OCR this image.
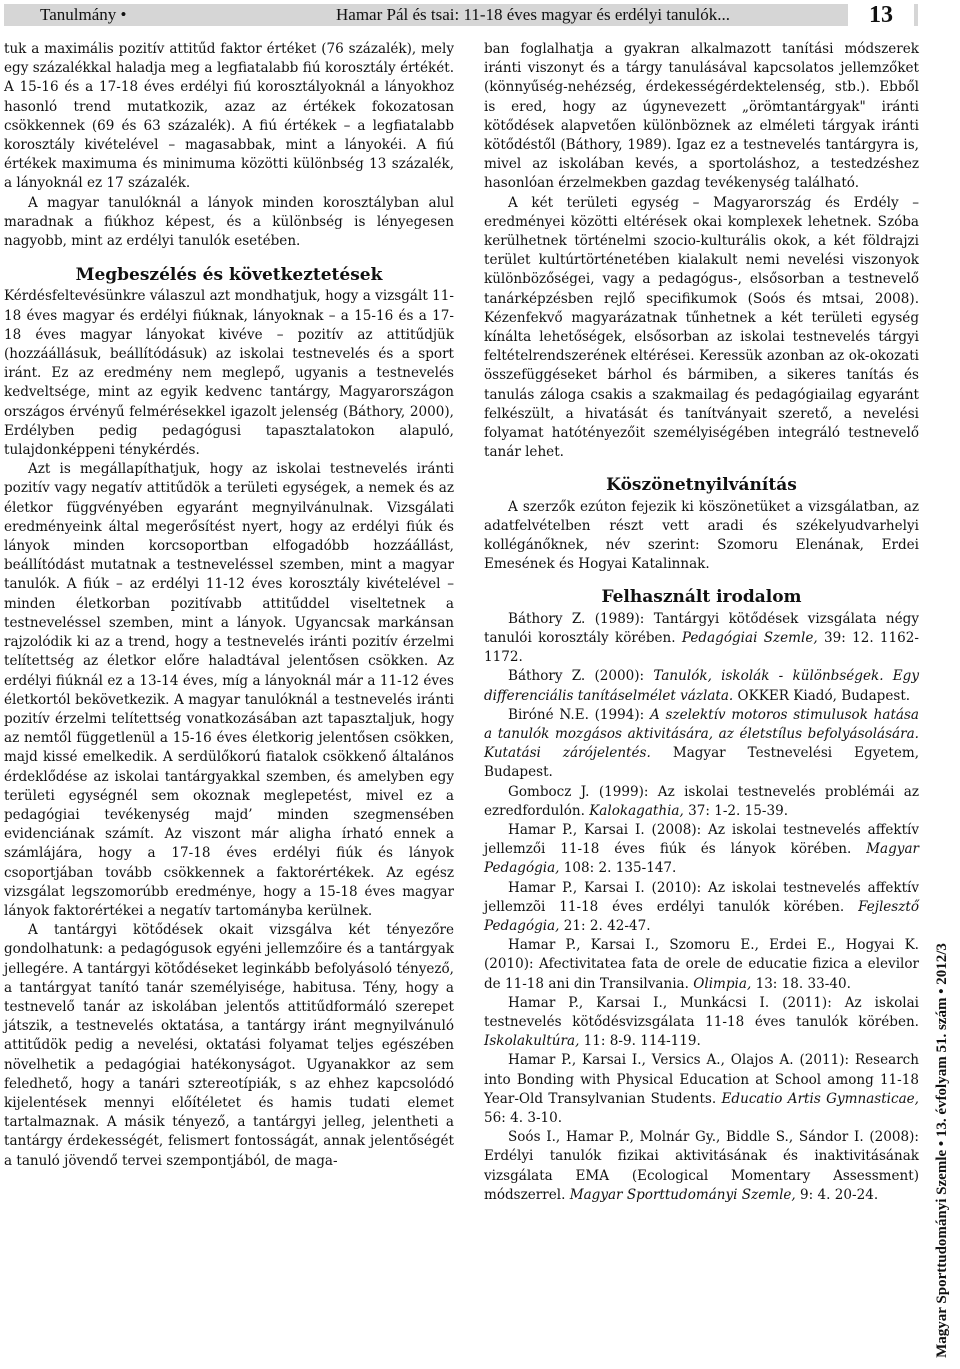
Tanulmány •	Hamar Pál és tsai: 11-18 éves magyar és erdélyi tanulók...	13

tuk a maximális pozitív attitűd faktor értéket (76 százalék), mely egy százalékkal haladja meg a legfiatalabb fiú korosztály értékét. A 15-16 és a 17-18 éves erdélyi fiú korosztályoknál a lányokhoz hasonló trend mutatkozik, azaz az értékek fokozatosan csökkennek (69 és 63 százalék). A fiú értékek – a legfiatalabb korosztály kivételével – magasabbak, mint a lányokéi. A fiú értékek maximuma és minimuma közötti különbség 13 százalék, a lányoknál ez 17 százalék.

A magyar tanulóknál a lányok minden korosztályban alul maradnak a fiúkhoz képest, és a különbség is lényegesen nagyobb, mint az erdélyi tanulók esetében.

Megbeszélés és következtetések

Kérdésfeltevésünkre válaszul azt mondhatjuk, hogy a vizsgált 11-18 éves magyar és erdélyi fiúknak, lányoknak – a 15-16 és a 17-18 éves magyar lányokat kivéve – pozitív az attitűdjük (hozzáállásuk, beállítódásuk) az iskolai testnevelés és a sport iránt. Ez az eredmény nem meglepő, ugyanis a testnevelés kedveltsége, mint az egyik kedvenc tantárgy, Magyarországon országos érvényű felmérésekkel igazolt jelenség (Báthory, 2000), Erdélyben pedig pedagógusi tapasztalatokon alapuló, tulajdonképpeni ténykérdés.

Azt is megállapíthatjuk, hogy az iskolai testnevelés iránti pozitív vagy negatív attitűdök a területi egységek, a nemek és az életkor függvényében egyaránt megnyilvánulnak. Vizsgálati eredményeink által megerősítést nyert, hogy az erdélyi fiúk és lányok minden korcsoportban elfogadóbb hozzáállást, beállítódást mutatnak a testneveléssel szemben, mint a magyar tanulók. A fiúk – az erdélyi 11-12 éves korosztály kivételével – minden életkorban pozitívabb attitűddel viseltetnek a testneveléssel szemben, mint a lányok. Ugyancsak markánsan rajzolódik ki az a trend, hogy a testnevelés iránti pozitív érzelmi telítettség az életkor előre haladtával jelentősen csökken. Az erdélyi fiúknál ez a 13-14 éves, míg a lányoknál már a 11-12 éves életkortól bekövetkezik. A magyar tanulóknál a testnevelés iránti pozitív érzelmi telítettség vonatkozásában azt tapasztaljuk, hogy az nemtől függetlenül a 15-16 éves életkorig jelentősen csökken, majd kissé emelkedik. A serdülőkorú fiatalok csökkenő általános érdeklődése az iskolai tantárgyakkal szemben, és amelyben egy területi egységnél sem okoznak meglepetést, mivel ez a pedagógiai tevékenység majd’ minden szegmensében evidenciának számít. Az viszont már aligha írható ennek a számlájára, hogy a 17-18 éves erdélyi fiúk és lányok csoportjában tovább csökkennek a faktorértékek. Az egész vizsgálat legszomorúbb eredménye, hogy a 15-18 éves magyar lányok faktorértékei a negatív tartományba kerülnek.

A tantárgyi kötődések okait vizsgálva két tényezőre gondolhatunk: a pedagógusok egyéni jellemzőire és a tantárgyak jellegére. A tantárgyi kötődéseket leginkább befolyásoló tényező, a tantárgyat tanító tanár személyisége, habitusa. Tény, hogy a testnevelő tanár az iskolában jelentős attitűdformáló szerepet játszik, a testnevelés oktatása, a tantárgy iránt megnyilvánuló attitűdök pedig a nevelési, oktatási folyamat teljes egészében növelhetik a pedagógiai hatékonyságot. Ugyanakkor az sem feledhető, hogy a tanári sztereotípiák, s az ehhez kapcsolódó kijelentések mennyi előítéletet és hamis tudati elemet tartalmaznak. A másik tényező, a tantárgyi jelleg, jelentheti a tantárgy érdekességét, felismert fontosságát, annak jelentőségét a tanuló jövendő tervei szempontjából, de maga-

ban foglalhatja a gyakran alkalmazott tanítási módszerek iránti viszonyt és a tárgy tanulásával kapcsolatos jellemzőket (könnyűség-nehézség, érdekességérdektelenség, stb.). Ebből is ered, hogy az úgynevezett „örömtantárgyak" iránti kötődések alapvetően különböznek az elméleti tárgyak iránti kötődéstől (Báthory, 1989). Igaz ez a testnevelés tantárgyra is, mivel az iskolában kevés, a sportoláshoz, a testedzéshez hasonlóan érzelmekben gazdag tevékenység található.

A két területi egység – Magyarország és Erdély – eredményei közötti eltérések okai komplexek lehetnek. Szóba kerülhetnek történelmi szocio-kulturális okok, a két földrajzi terület kultúrtörténetében kialakult nemi nevelési viszonyok különbözőségei, vagy a pedagógus-, elsősorban a testnevelő tanárképzésben rejlő specifikumok (Soós és mtsai, 2008). Kézenfekvő magyarázatnak tűnhetnek a két területi egység kínálta lehetőségek, elsősorban az iskolai testnevelés tárgyi feltételrendszerének eltérései. Keressük azonban az ok-okozati összefüggéseket bárhol és bármiben, a sikeres tanítás és tanulás záloga csakis a szakmailag és pedagógiailag egyaránt felkészült, a hivatását és tanítványait szerető, a nevelési folyamat hatótényezőit személyiségében integráló testnevelő tanár lehet.

Köszönetnyilvánítás

A szerzők ezúton fejezik ki köszönetüket a vizsgálatban, az adatfelvételben részt vett aradi és székelyudvarhelyi kollégánőknek, név szerint: Szomoru Elenának, Erdei Emesének és Hogyai Katalinnak.

Felhasznált irodalom

Báthory Z. (1989): Tantárgyi kötődések vizsgálata négy tanulói korosztály körében. Pedagógiai Szemle, 39: 12. 1162-1172.

Báthory Z. (2000): Tanulók, iskolák - különbségek. Egy differenciális tanításelmélet vázlata. OKKER Kiadó, Budapest.

Biróné N.E. (1994): A szelektív motoros stimulusok hatása a tanulók mozgásos aktivitására, az életstílus befolyásolására. Kutatási zárójelentés. Magyar Testnevelési Egyetem, Budapest.

Gombocz J. (1999): Az iskolai testnevelés problémái az ezredfordulón. Kalokagathia, 37: 1-2. 15-39.

Hamar P., Karsai I. (2008): Az iskolai testnevelés affektív jellemzői 11-18 éves fiúk és lányok körében. Magyar Pedagógia, 108: 2. 135-147.

Hamar P., Karsai I. (2010): Az iskolai testnevelés affektív jellemzõi 11-18 éves erdélyi tanulók körében. Fejlesztő Pedagógia, 21: 2. 42-47.

Hamar P., Karsai I., Szomoru E., Erdei E., Hogyai K. (2010): Afectivitatea fata de orele de educatie fizica a elevilor de 11-18 ani din Transilvania. Olimpia, 13: 18. 33-40.

Hamar P., Karsai I., Munkácsi I. (2011): Az iskolai testnevelés kötődésvizsgálata 11-18 éves tanulók körében. Iskolakultúra, 11: 8-9. 114-119.

Hamar P., Karsai I., Versics A., Olajos A. (2011): Research into Bonding with Physical Education at School among 11-18 Year-Old Transylvanian Students. Educatio Artis Gymnasticae, 56: 4. 3-10.

Soós I., Hamar P., Molnár Gy., Biddle S., Sándor I. (2008): Erdélyi tanulók fizikai aktivitásának és inaktivitásának vizsgálata EMA (Ecological Momentary Assessment) módszerrel. Magyar Sporttudományi Szemle, 9: 4. 20-24.	Magyar Sporttudományi Szemle • 13. évfolyam 51. szám • 2012/3
